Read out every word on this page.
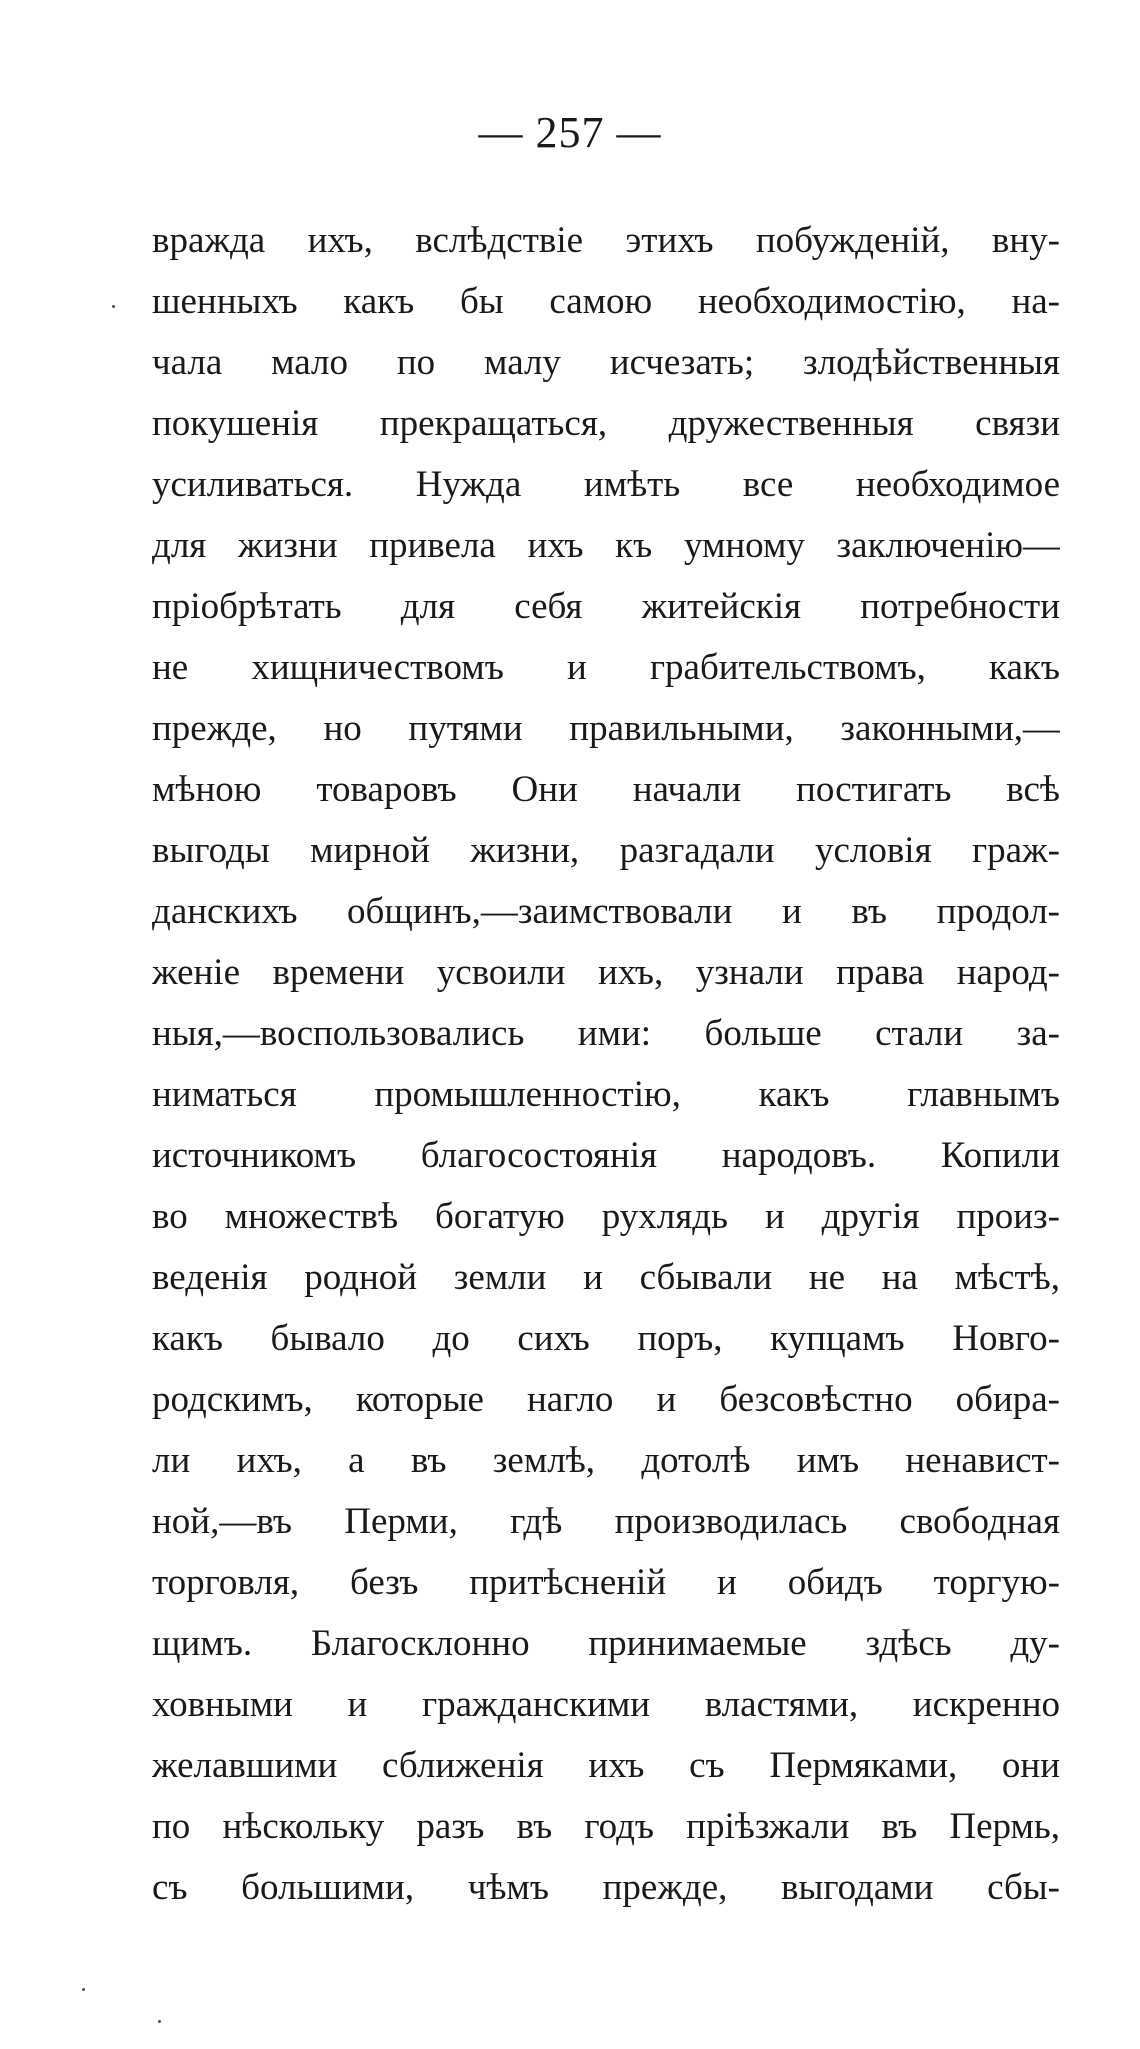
— 257 —
вражда ихъ, вслѣдствіе этихъ побужденій, вну-
шенныхъ какъ бы самою необходимостію, на-
чала мало по малу исчезать; злодѣйственныя
покушенія прекращаться, дружественныя связи
усиливаться. Нужда имѣть все необходимое
для жизни привела ихъ къ умному заключенію—
пріобрѣтать для себя житейскія потребности
не хищничествомъ и грабительствомъ, какъ
прежде, но путями правильными, законными,—
мѣною товаровъ Они начали постигать всѣ
выгоды мирной жизни, разгадали условія граж-
данскихъ общинъ,—заимствовали и въ продол-
женіе времени усвоили ихъ, узнали права народ-
ныя,—воспользовались ими: больше стали за-
ниматься промышленностію, какъ главнымъ
источникомъ благосостоянія народовъ. Копили
во множествѣ богатую рухлядь и другія произ-
веденія родной земли и сбывали не на мѣстѣ,
какъ бывало до сихъ поръ, купцамъ Новго-
родскимъ, которые нагло и безсовѣстно обира-
ли ихъ, а въ землѣ, дотолѣ имъ ненавист-
ной,—въ Перми, гдѣ производилась свободная
торговля, безъ притѣсненій и обидъ торгую-
щимъ. Благосклонно принимаемые здѣсь ду-
ховными и гражданскими властями, искренно
желавшими сближенія ихъ съ Пермяками, они
по нѣскольку разъ въ годъ пріѣзжали въ Пермь,
съ большими, чѣмъ прежде, выгодами сбы-
